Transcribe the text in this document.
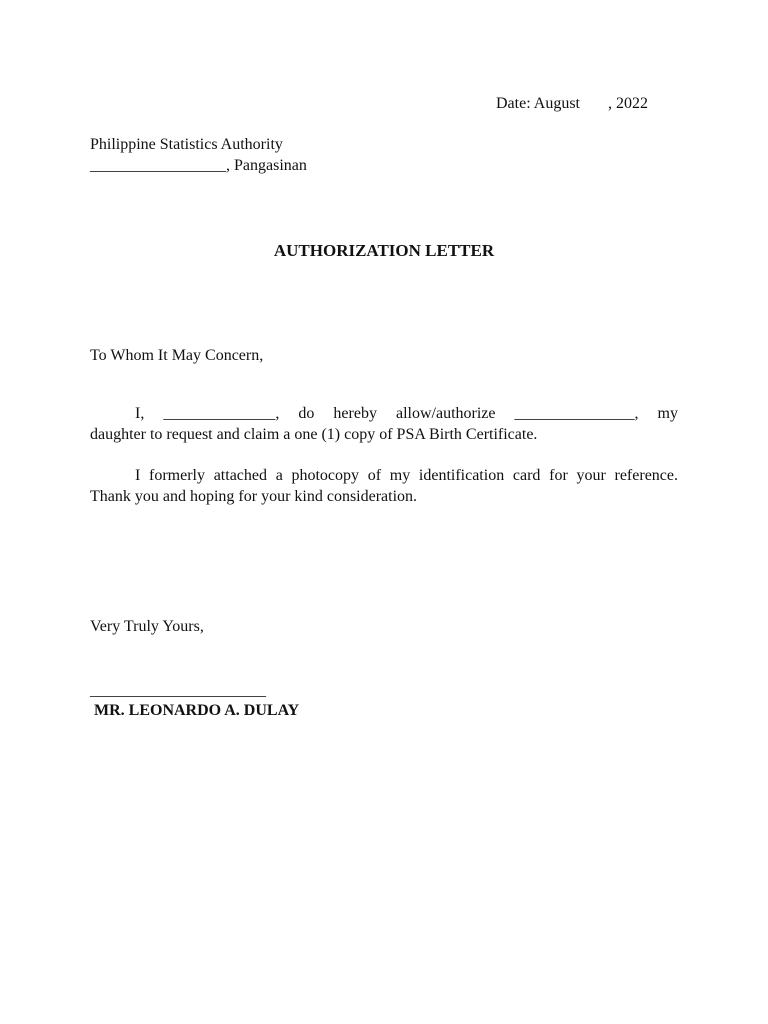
Date: August       , 2022
Philippine Statistics Authority
_________________, Pangasinan
AUTHORIZATION LETTER
To Whom It May Concern,
I, ______________, do hereby allow/authorize _______________, my
daughter to request and claim a one (1) copy of PSA Birth Certificate.
I formerly attached a photocopy of my identification card for your reference.
Thank you and hoping for your kind consideration.
Very Truly Yours,
______________________
MR. LEONARDO A. DULAY
